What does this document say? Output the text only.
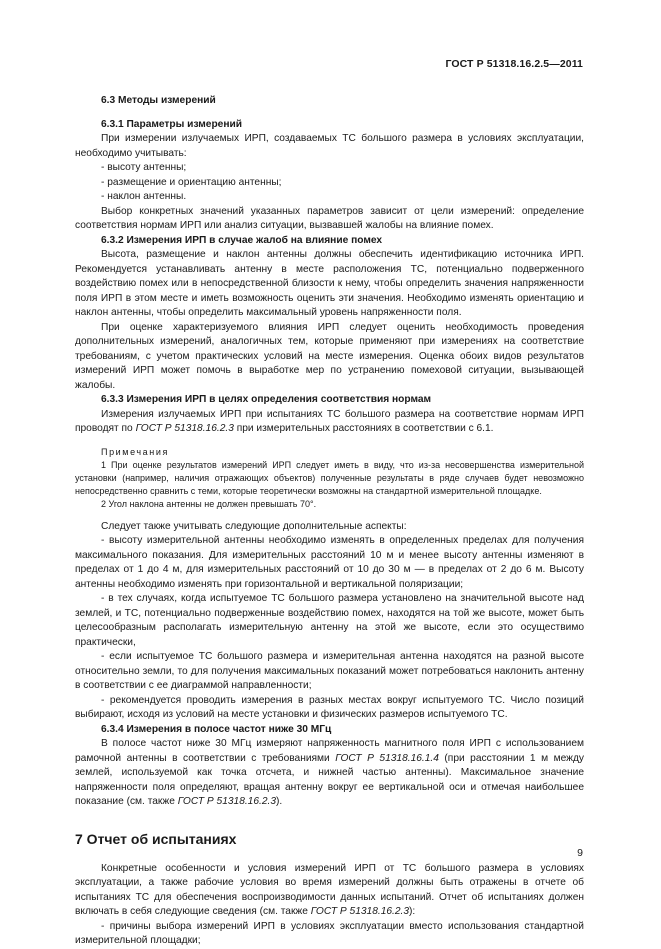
ГОСТ Р 51318.16.2.5—2011

6.3 Методы измерений

6.3.1 Параметры измерений

При измерении излучаемых ИРП, создаваемых ТС большого размера в условиях эксплуатации, необходимо учитывать:

- высоту антенны;

- размещение и ориентацию антенны;

- наклон антенны.

Выбор конкретных значений указанных параметров зависит от цели измерений: определение соответствия нормам ИРП или анализ ситуации, вызвавшей жалобы на влияние помех.

6.3.2 Измерения ИРП в случае жалоб на влияние помех

Высота, размещение и наклон антенны должны обеспечить идентификацию источника ИРП. Рекомендуется устанавливать антенну в месте расположения ТС, потенциально подверженного воздействию помех или в непосредственной близости к нему, чтобы определить значения напряженности поля ИРП в этом месте и иметь возможность оценить эти значения. Необходимо изменять ориентацию и наклон антенны, чтобы определить максимальный уровень напряженности поля.

При оценке характеризуемого влияния ИРП следует оценить необходимость проведения дополнительных измерений, аналогичных тем, которые применяют при измерениях на соответствие требованиям, с учетом практических условий на месте измерения. Оценка обоих видов результатов измерений ИРП может помочь в выработке мер по устранению помеховой ситуации, вызывающей жалобы.

6.3.3 Измерения ИРП в целях определения соответствия нормам

Измерения излучаемых ИРП при испытаниях ТС большого размера на соответствие нормам ИРП проводят по ГОСТ Р 51318.16.2.3 при измерительных расстояниях в соответствии с 6.1.

Примечания

1 При оценке результатов измерений ИРП следует иметь в виду, что из-за несовершенства измерительной установки (например, наличия отражающих объектов) полученные результаты в ряде случаев будет невозможно непосредственно сравнить с теми, которые теоретически возможны на стандартной измерительной площадке.

2 Угол наклона антенны не должен превышать 70°.

Следует также учитывать следующие дополнительные аспекты:

- высоту измерительной антенны необходимо изменять в определенных пределах для получения максимального показания. Для измерительных расстояний 10 м и менее высоту антенны изменяют в пределах от 1 до 4 м, для измерительных расстояний от 10 до 30 м — в пределах от 2 до 6 м. Высоту антенны необходимо изменять при горизонтальной и вертикальной поляризации;

- в тех случаях, когда испытуемое ТС большого размера установлено на значительной высоте над землей, и ТС, потенциально подверженные воздействию помех, находятся на той же высоте, может быть целесообразным располагать измерительную антенну на этой же высоте, если это осуществимо практически,

- если испытуемое ТС большого размера и измерительная антенна находятся на разной высоте относительно земли, то для получения максимальных показаний может потребоваться наклонить антенну в соответствии с ее диаграммой направленности;

- рекомендуется проводить измерения в разных местах вокруг испытуемого ТС. Число позиций выбирают, исходя из условий на месте установки и физических размеров испытуемого ТС.

6.3.4 Измерения в полосе частот ниже 30 МГц

В полосе частот ниже 30 МГц измеряют напряженность магнитного поля ИРП с использованием рамочной антенны в соответствии с требованиями ГОСТ Р 51318.16.1.4 (при расстоянии 1 м между землей, используемой как точка отсчета, и нижней частью антенны). Максимальное значение напряженности поля определяют, вращая антенну вокруг ее вертикальной оси и отмечая наибольшее показание (см. также ГОСТ Р 51318.16.2.3).

7 Отчет об испытаниях

Конкретные особенности и условия измерений ИРП от ТС большого размера в условиях эксплуатации, а также рабочие условия во время измерений должны быть отражены в отчете об испытаниях ТС для обеспечения воспроизводимости данных испытаний. Отчет об испытаниях должен включать в себя следующие сведения (см. также ГОСТ Р 51318.16.2.3):

- причины выбора измерений ИРП в условиях эксплуатации вместо использования стандартной измерительной площадки;

9
